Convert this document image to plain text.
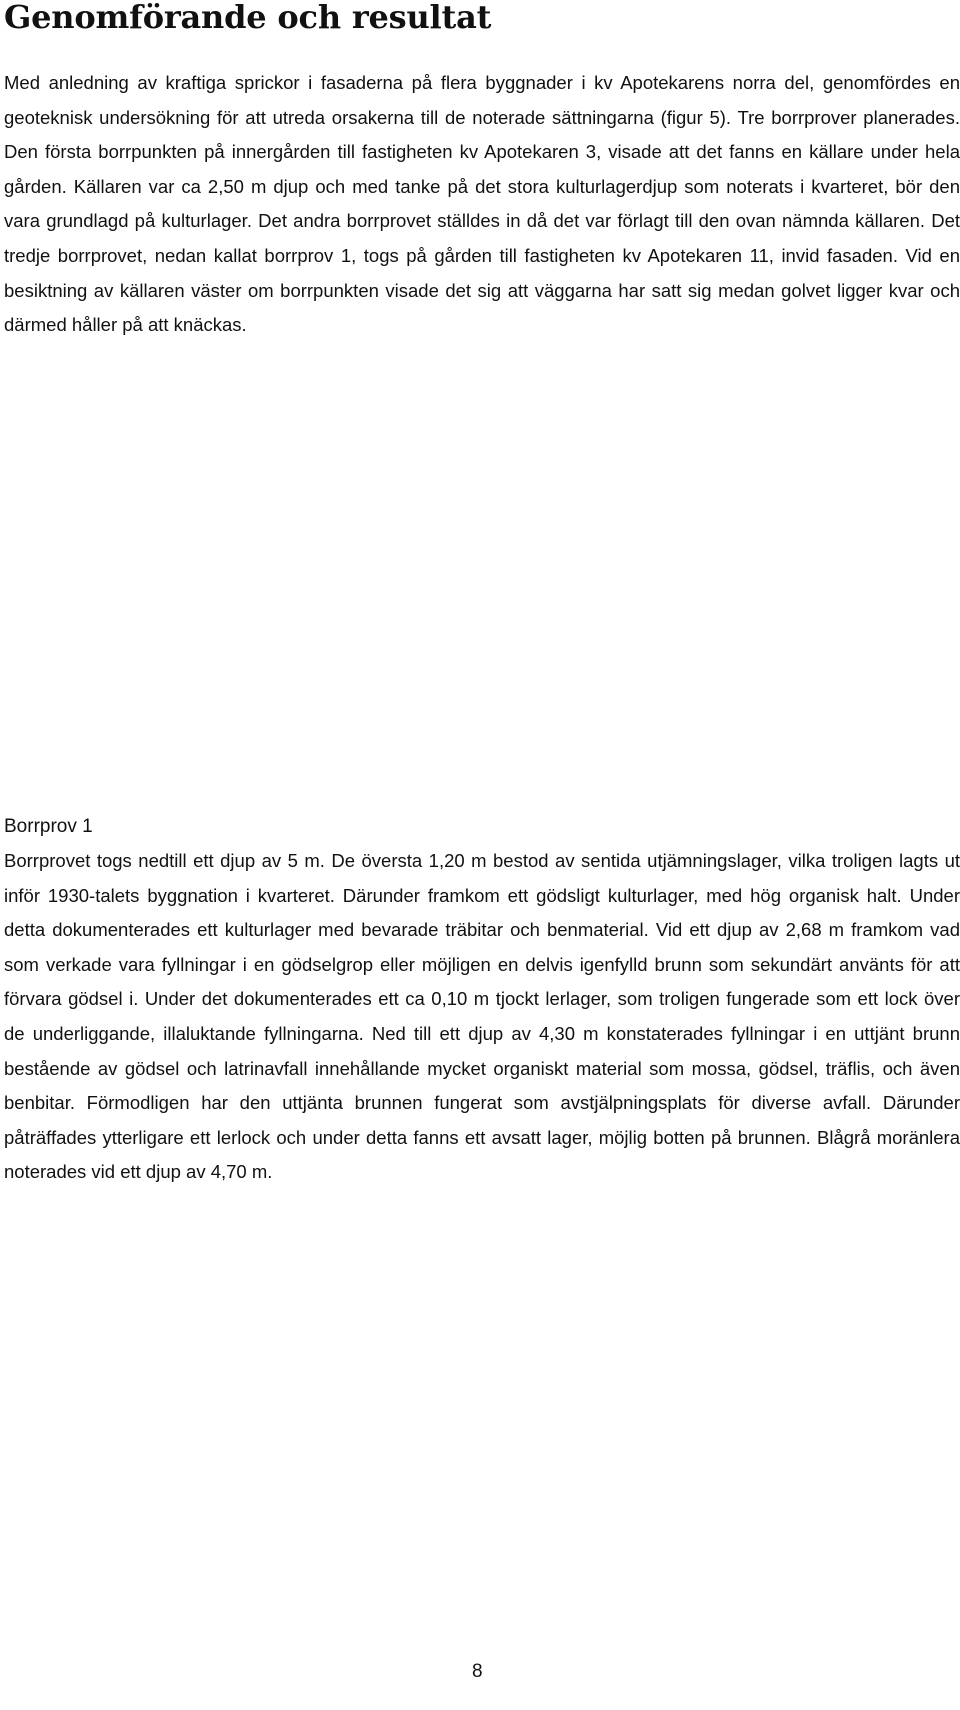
Genomförande och resultat

Med anledning av kraftiga sprickor i fasaderna på flera byggnader i kv Apotekarens norra del, genomfördes en geoteknisk undersökning för att utreda orsakerna till de noterade sättningarna (figur 5). Tre borrprover planerades. Den första borrpunkten på innergården till fastigheten kv Apotekaren 3, visade att det fanns en källare under hela gården. Källaren var ca 2,50 m djup och med tanke på det stora kulturlagerdjup som noterats i kvarteret, bör den vara grundlagd på kulturlager. Det andra borrprovet ställdes in då det var förlagt till den ovan nämnda källaren. Det tredje borrprovet, nedan kallat borrprov 1, togs på gården till fastigheten kv Apotekaren 11, invid fasaden. Vid en besiktning av källaren väster om borrpunkten visade det sig att väggarna har satt sig medan golvet ligger kvar och därmed håller på att knäckas.

Borrprov 1

Borrprovet togs nedtill ett djup av 5 m. De översta 1,20 m bestod av sentida utjämningslager, vilka troligen lagts ut inför 1930-talets byggnation i kvarteret. Därunder framkom ett gödsligt kulturlager, med hög organisk halt. Under detta dokumenterades ett kulturlager med bevarade träbitar och benmaterial. Vid ett djup av 2,68 m framkom vad som verkade vara fyllningar i en gödselgrop eller möjligen en delvis igenfylld brunn som sekundärt använts för att förvara gödsel i. Under det dokumenterades ett ca 0,10 m tjockt lerlager, som troligen fungerade som ett lock över de underliggande, illaluktande fyllningarna. Ned till ett djup av 4,30 m konstaterades fyllningar i en uttjänt brunn bestående av gödsel och latrinavfall innehållande mycket organiskt material som mossa, gödsel, träflis, och även benbitar. Förmodligen har den uttjänta brunnen fungerat som avstjälpningsplats för diverse avfall. Därunder påträffades ytterligare ett lerlock och under detta fanns ett avsatt lager, möjlig botten på brunnen. Blågrå moränlera noterades vid ett djup av 4,70 m.

8
